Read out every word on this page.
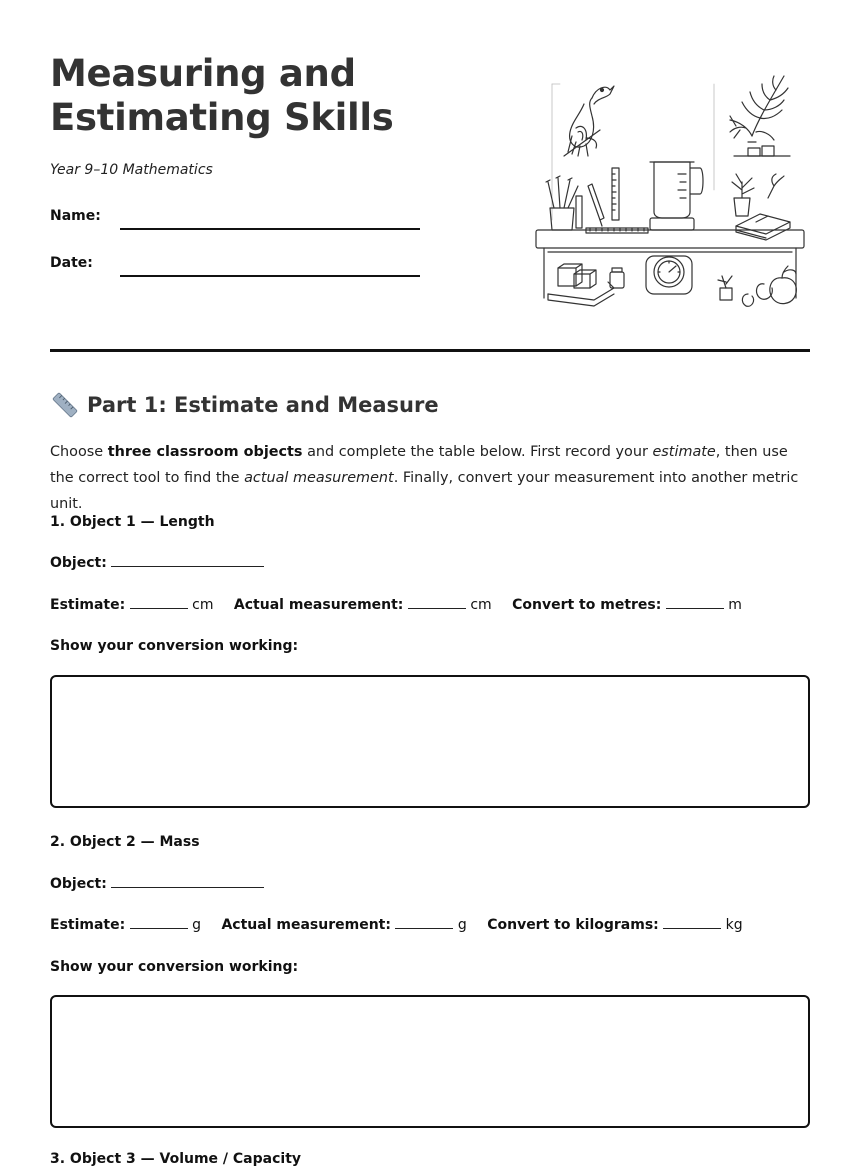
Measuring and
Estimating Skills
Year 9–10 Mathematics
Name:
Date:
Part 1: Estimate and Measure

Choose three classroom objects and complete the table below. First record your estimate, then use the correct tool to find the actual measurement. Finally, convert your measurement into another metric unit.

1. Object 1 — Length
Object:
Estimate:	cm Actual measurement:	cm Convert to metres:	m
Show your conversion working:
2. Object 2 — Mass
Object:
Estimate:	g Actual measurement:	g Convert to kilograms:	kg
Show your conversion working:
3. Object 3 — Volume / Capacity
